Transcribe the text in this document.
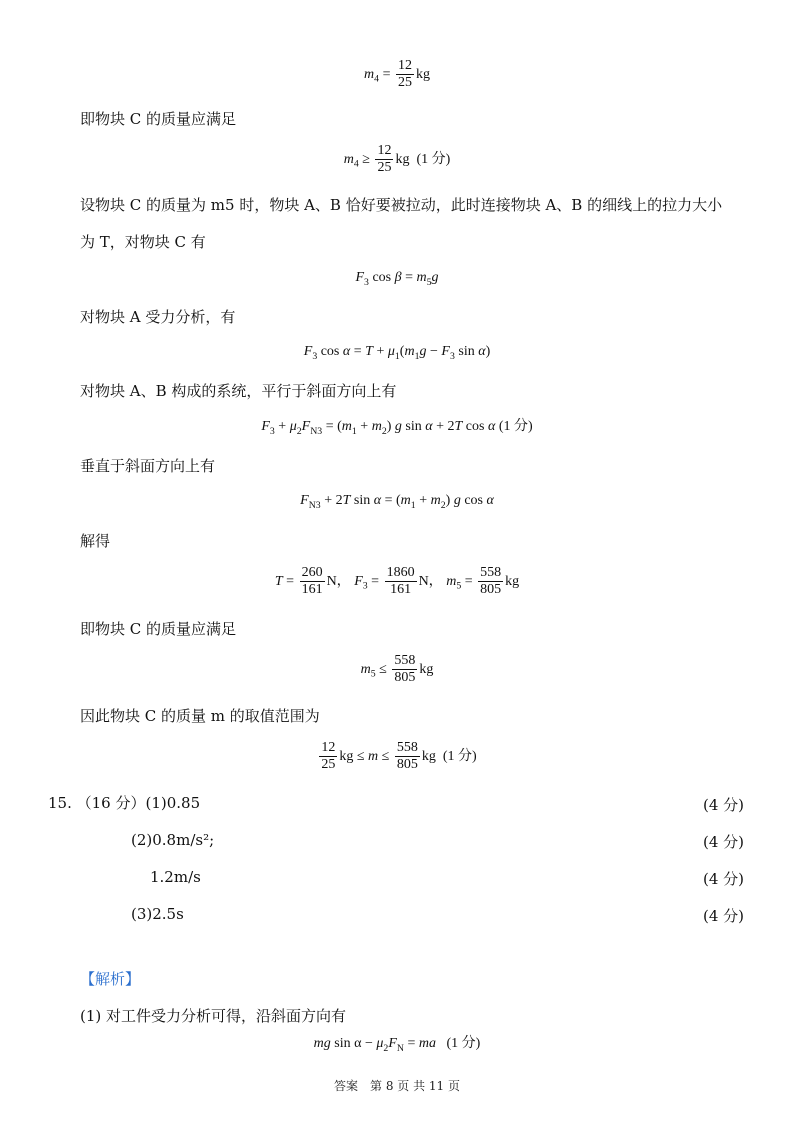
$m_4 = \frac{12}{25}$ kg
即物块 C 的质量应满足
$m_4 \ge \frac{12}{25}$ kg  (1 分)
设物块 C 的质量为 m5 时，物块 A、B 恰好要被拉动，此时连接物块 A、B 的细线上的拉力大小
为 T，对物块 C 有
$F_3$ $\cos \beta = m_5g$
对物块 A 受力分析，有
$F_3$ $\cos \alpha = T + \mu_1(m_1g - F_3$ sin α)
对物块 A、B 构成的系统，平行于斜面方向上有
$F_3 + \mu_2F_{N3} = (m_1 + m_2)$ g sin α + 2T cos α (1 分)
垂直于斜面方向上有
$F_{N3} + 2T$ $\sin \alpha = (m_1 + m_2)$ g cos α
解得
$T = \frac{260}{161}$ N， $F_3 = \frac{1860}{161}$ N， $m_5 = \frac{558}{805}$ kg
即物块 C 的质量应满足
$m_5 \le \frac{558}{805}$ kg
因此物块 C 的质量 m 的取值范围为
$\frac{12}{25}$ kg ≤ $m \le \frac{558}{805}$ kg  (1 分)
15. （16 分）(1)0.85	(4 分)
(2)0.8m/s²;	(4 分)
1.2m/s	(4 分)
(3)2.5s	(4 分)
【解析】
(1) 对工件受力分析可得，沿斜面方向有
mg $\sin \alpha - \mu_2F_N$ = ma   (1 分)
答案　第 8 页 共 11 页
